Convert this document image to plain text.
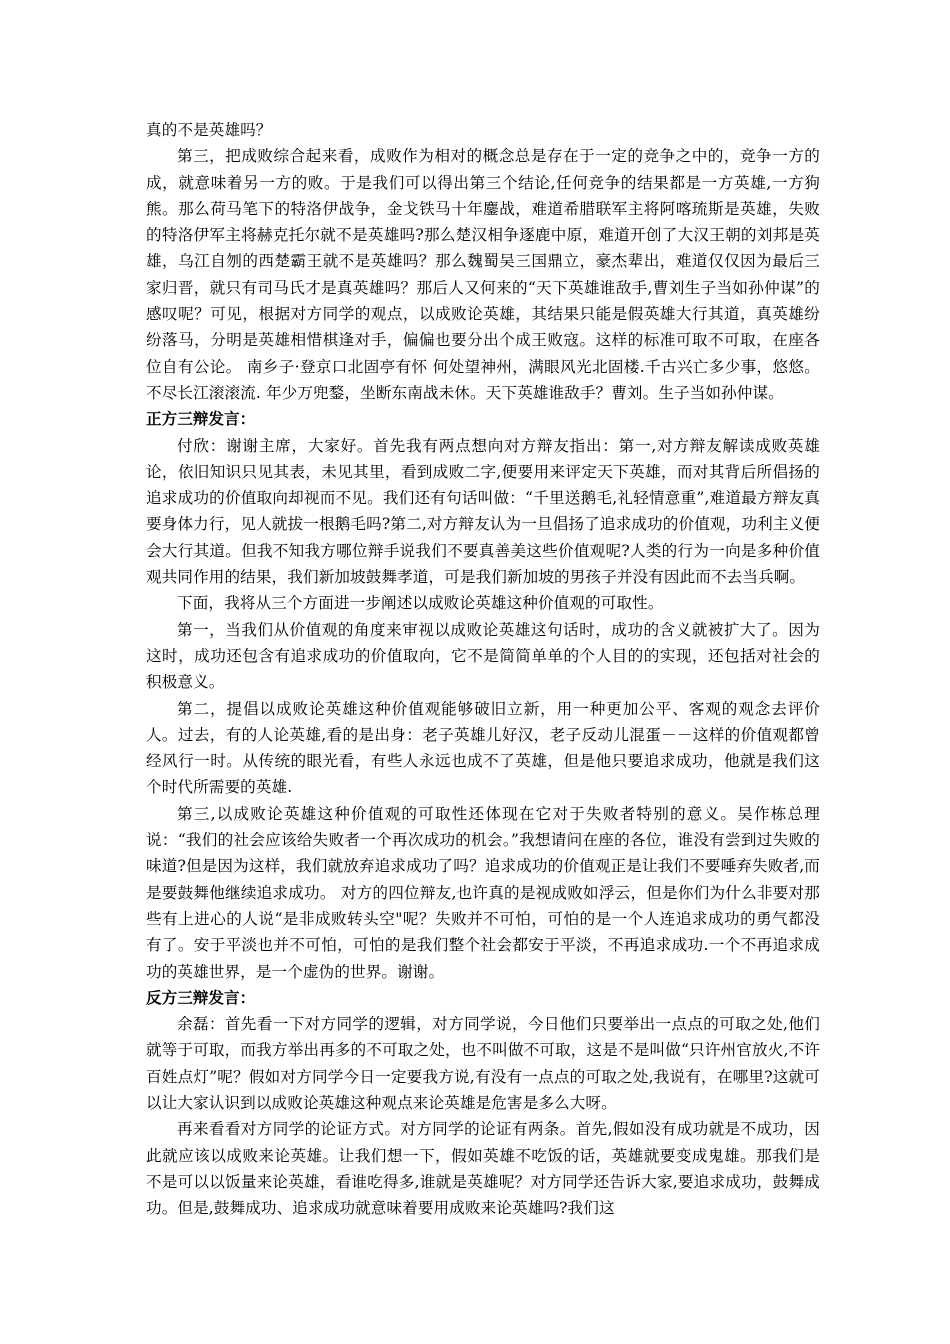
真的不是英雄吗？

第三，把成败综合起来看，成败作为相对的概念总是存在于一定的竞争之中的，竞争一方的成，就意味着另一方的败。于是我们可以得出第三个结论,任何竞争的结果都是一方英雄,一方狗熊。那么荷马笔下的特洛伊战争，金戈铁马十年鏖战，难道希腊联军主将阿喀琉斯是英雄，失败的特洛伊军主将赫克托尔就不是英雄吗?那么楚汉相争逐鹿中原，难道开创了大汉王朝的刘邦是英雄，乌江自刎的西楚霸王就不是英雄吗？那么魏蜀吴三国鼎立，豪杰辈出，难道仅仅因为最后三家归晋，就只有司马氏才是真英雄吗？那后人又何来的“天下英雄谁敌手,曹刘生子当如孙仲谋”的感叹呢？可见，根据对方同学的观点，以成败论英雄，其结果只能是假英雄大行其道，真英雄纷纷落马，分明是英雄相惜棋逢对手，偏偏也要分出个成王败寇。这样的标准可取不可取，在座各位自有公论。 南乡子·登京口北固亭有怀 何处望神州，满眼风光北固楼.千古兴亡多少事，悠悠。不尽长江滚滚流. 年少万兜鍪，坐断东南战未休。天下英雄谁敌手？曹刘。生子当如孙仲谋。

正方三辩发言：

付欣：谢谢主席，大家好。首先我有两点想向对方辩友指出：第一,对方辩友解读成败英雄论，依旧知识只见其表，未见其里，看到成败二字,便要用来评定天下英雄，而对其背后所倡扬的追求成功的价值取向却视而不见。我们还有句话叫做：“千里送鹅毛,礼轻情意重”,难道最方辩友真要身体力行，见人就拔一根鹅毛吗?第二,对方辩友认为一旦倡扬了追求成功的价值观，功利主义便会大行其道。但我不知我方哪位辩手说我们不要真善美这些价值观呢?人类的行为一向是多种价值观共同作用的结果，我们新加坡鼓舞孝道，可是我们新加坡的男孩子并没有因此而不去当兵啊。

下面，我将从三个方面进一步阐述以成败论英雄这种价值观的可取性。

第一，当我们从价值观的角度来审视以成败论英雄这句话时，成功的含义就被扩大了。因为这时，成功还包含有追求成功的价值取向，它不是简简单单的个人目的的实现，还包括对社会的积极意义。

第二，提倡以成败论英雄这种价值观能够破旧立新，用一种更加公平、客观的观念去评价人。过去，有的人论英雄,看的是出身：老子英雄儿好汉，老子反动儿混蛋－－这样的价值观都曾经风行一时。从传统的眼光看，有些人永远也成不了英雄，但是他只要追求成功，他就是我们这个时代所需要的英雄.

第三,以成败论英雄这种价值观的可取性还体现在它对于失败者特别的意义。吴作栋总理说：“我们的社会应该给失败者一个再次成功的机会。”我想请问在座的各位，谁没有尝到过失败的味道?但是因为这样，我们就放弃追求成功了吗？追求成功的价值观正是让我们不要唾弃失败者,而是要鼓舞他继续追求成功。 对方的四位辩友,也许真的是视成败如浮云，但是你们为什么非要对那些有上进心的人说“是非成败转头空"呢？失败并不可怕，可怕的是一个人连追求成功的勇气都没有了。安于平淡也并不可怕，可怕的是我们整个社会都安于平淡，不再追求成功.一个不再追求成功的英雄世界，是一个虚伪的世界。谢谢。

反方三辩发言：

余磊：首先看一下对方同学的逻辑，对方同学说，今日他们只要举出一点点的可取之处,他们就等于可取，而我方举出再多的不可取之处，也不叫做不可取，这是不是叫做“只许州官放火,不许百姓点灯”呢？假如对方同学今日一定要我方说,有没有一点点的可取之处,我说有，在哪里?这就可以让大家认识到以成败论英雄这种观点来论英雄是危害是多么大呀。

再来看看对方同学的论证方式。对方同学的论证有两条。首先,假如没有成功就是不成功，因此就应该以成败来论英雄。让我们想一下，假如英雄不吃饭的话，英雄就要变成鬼雄。那我们是不是可以以饭量来论英雄，看谁吃得多,谁就是英雄呢？对方同学还告诉大家,要追求成功，鼓舞成功。但是,鼓舞成功、追求成功就意味着要用成败来论英雄吗?我们这
